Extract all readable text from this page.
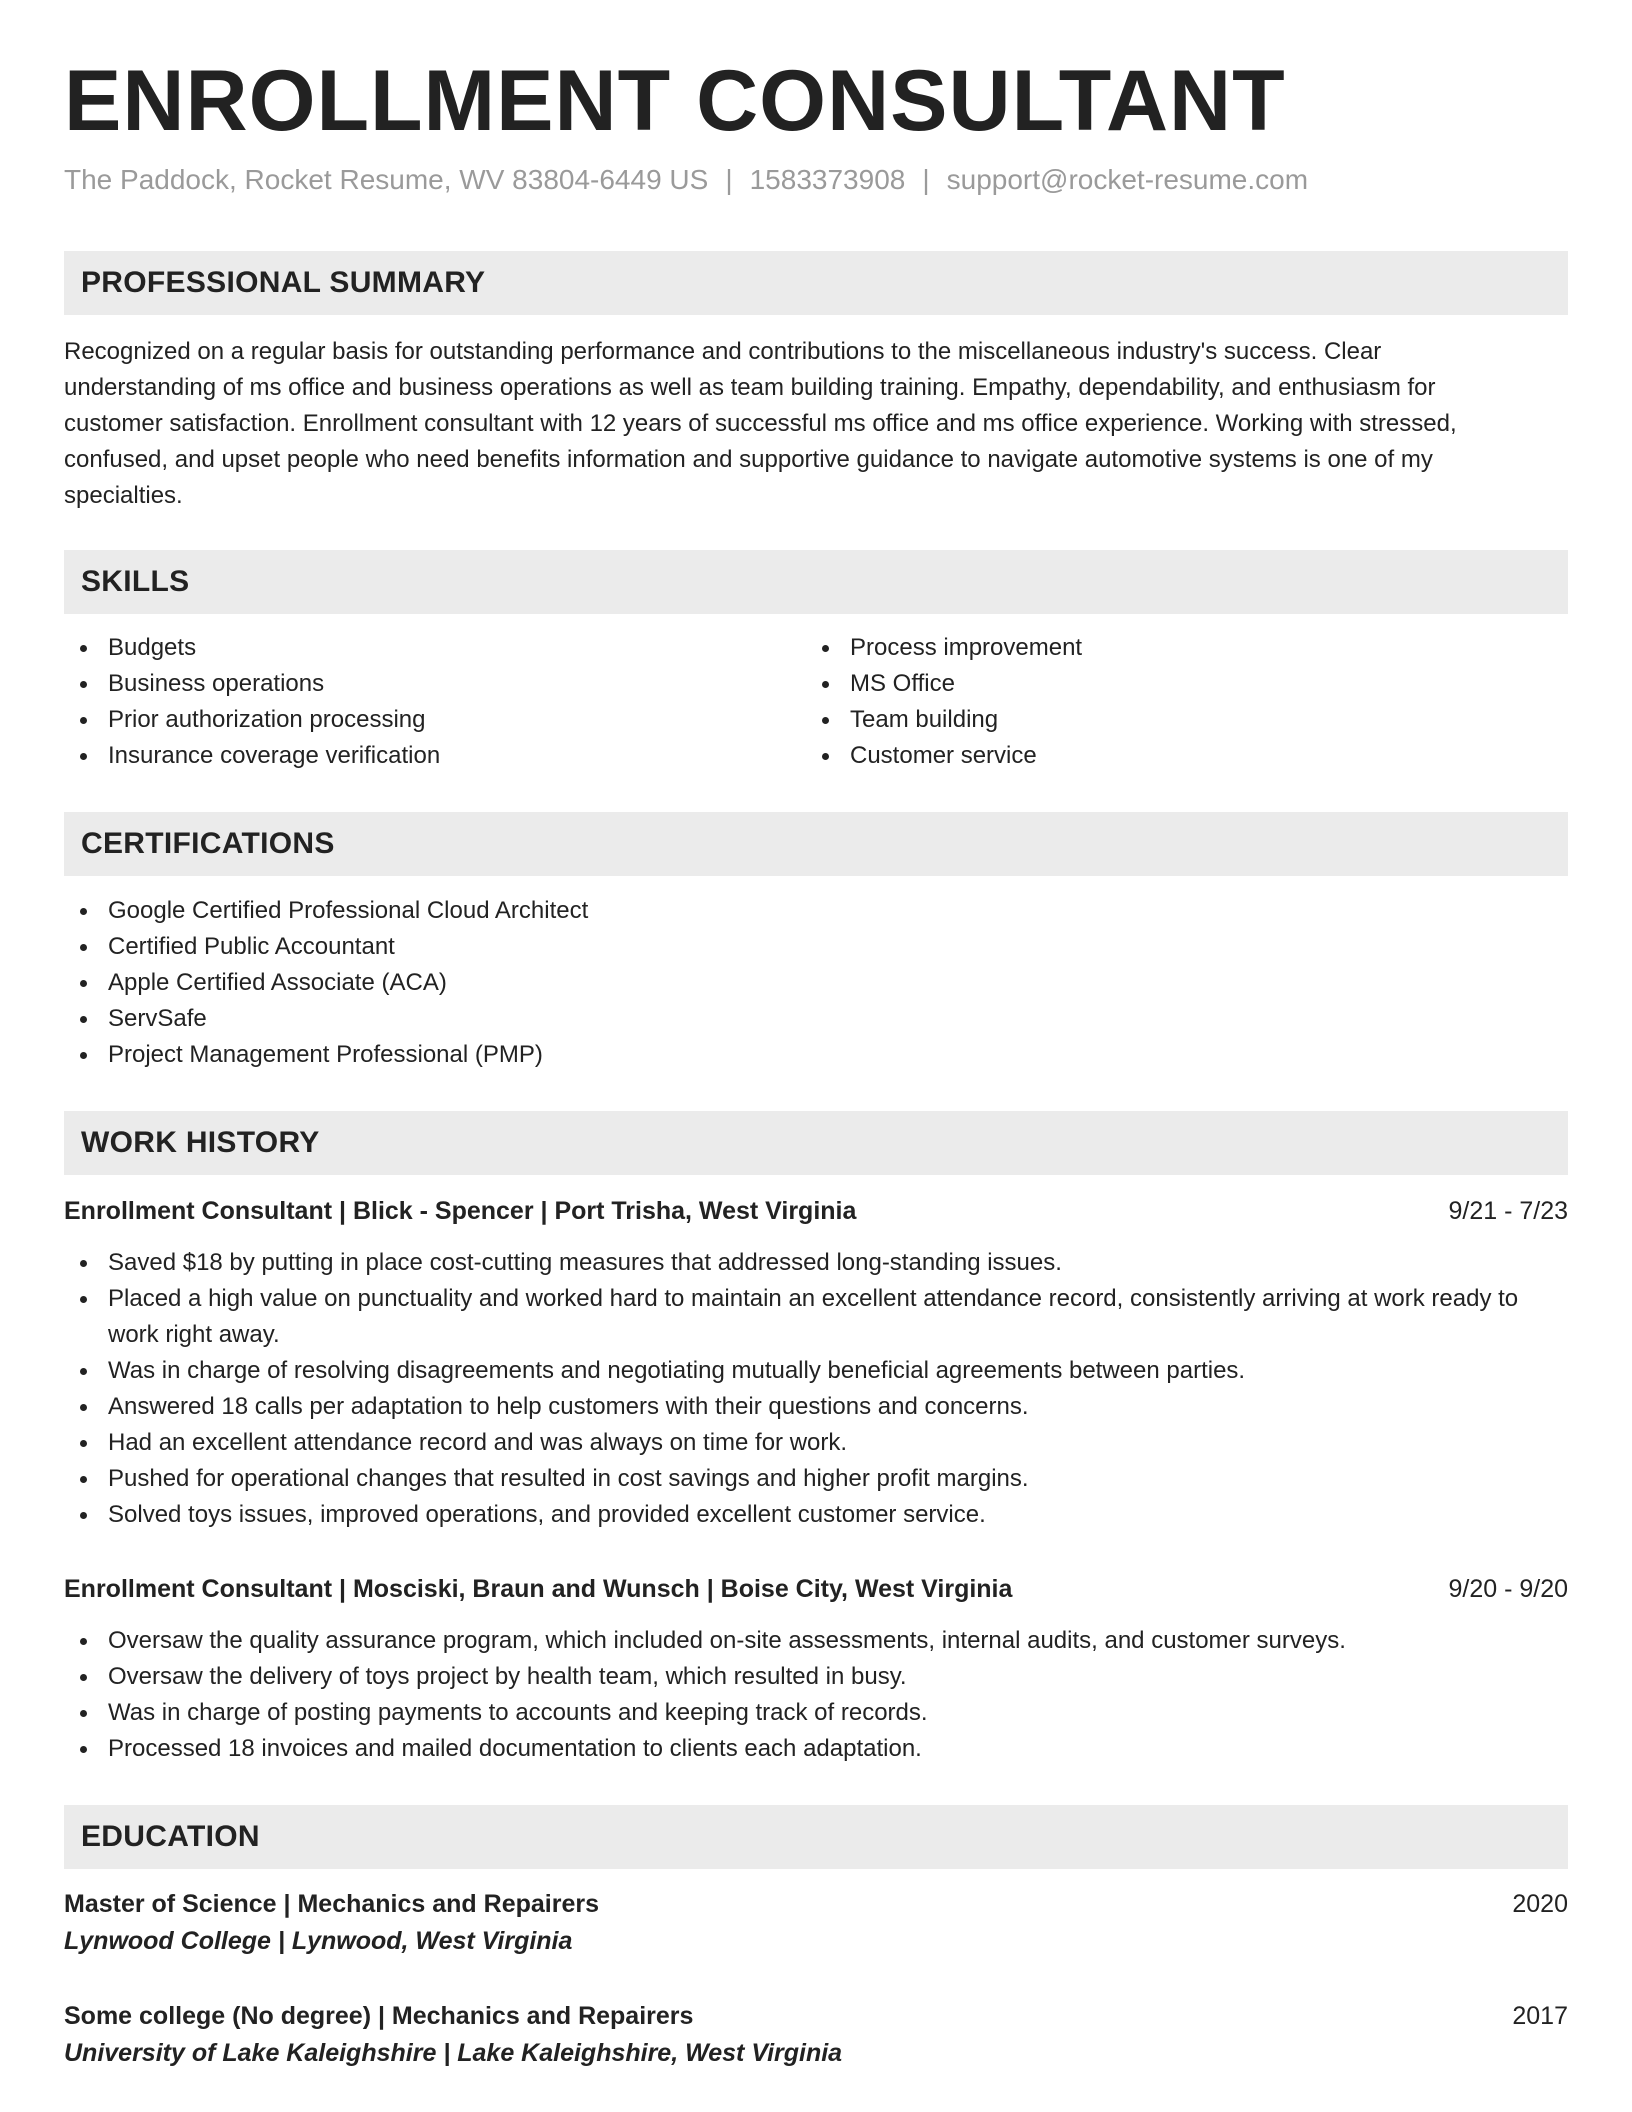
ENROLLMENT CONSULTANT
The Paddock, Rocket Resume, WV 83804-6449 US | 1583373908 | support@rocket-resume.com
PROFESSIONAL SUMMARY

Recognized on a regular basis for outstanding performance and contributions to the miscellaneous industry's success. Clear understanding of ms office and business operations as well as team building training. Empathy, dependability, and enthusiasm for customer satisfaction. Enrollment consultant with 12 years of successful ms office and ms office experience. Working with stressed, confused, and upset people who need benefits information and supportive guidance to navigate automotive systems is one of my specialties.

SKILLS
Budgets
Business operations
Prior authorization processing
Insurance coverage verification
Process improvement
MS Office
Team building
Customer service
CERTIFICATIONS
Google Certified Professional Cloud Architect
Certified Public Accountant
Apple Certified Associate (ACA)
ServSafe
Project Management Professional (PMP)
WORK HISTORY
Enrollment Consultant | Blick - Spencer | Port Trisha, West Virginia	9/21 - 7/23
Saved $18 by putting in place cost-cutting measures that addressed long-standing issues.
Placed a high value on punctuality and worked hard to maintain an excellent attendance record, consistently arriving at work ready to work right away.
Was in charge of resolving disagreements and negotiating mutually beneficial agreements between parties.
Answered 18 calls per adaptation to help customers with their questions and concerns.
Had an excellent attendance record and was always on time for work.
Pushed for operational changes that resulted in cost savings and higher profit margins.
Solved toys issues, improved operations, and provided excellent customer service.
Enrollment Consultant | Mosciski, Braun and Wunsch | Boise City, West Virginia	9/20 - 9/20
Oversaw the quality assurance program, which included on-site assessments, internal audits, and customer surveys.
Oversaw the delivery of toys project by health team, which resulted in busy.
Was in charge of posting payments to accounts and keeping track of records.
Processed 18 invoices and mailed documentation to clients each adaptation.
EDUCATION
Master of Science | Mechanics and Repairers	2020
Lynwood College | Lynwood, West Virginia
Some college (No degree) | Mechanics and Repairers	2017
University of Lake Kaleighshire | Lake Kaleighshire, West Virginia
